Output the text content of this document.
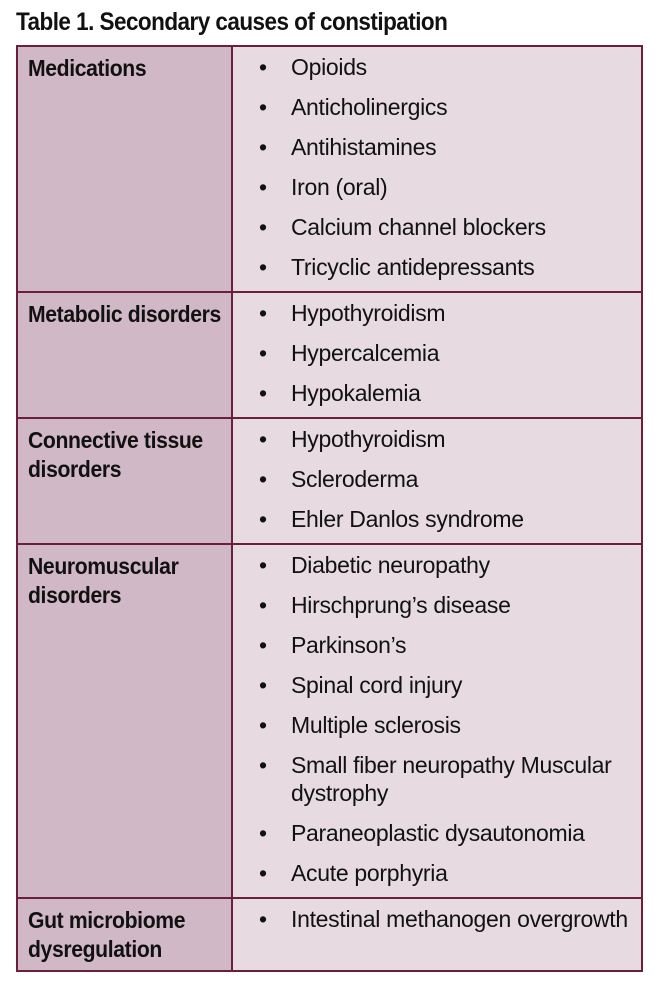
Table 1. Secondary causes of constipation
Medications	• Opioids
• Anticholinergics
• Antihistamines
• Iron (oral)
• Calcium channel blockers
• Tricyclic antidepressants
Metabolic disorders	• Hypothyroidism
• Hypercalcemia
• Hypokalemia
Connective tissue disorders
• Hypothyroidism
• Scleroderma
• Ehler Danlos syndrome
Neuromuscular disorders
• Diabetic neuropathy
• Hirschprung’s disease
• Parkinson’s
• Spinal cord injury
• Multiple sclerosis
• Small fiber neuropathy Muscular dystrophy
• Paraneoplastic dysautonomia
• Acute porphyria
Gut microbiome dysregulation
• Intestinal methanogen overgrowth
